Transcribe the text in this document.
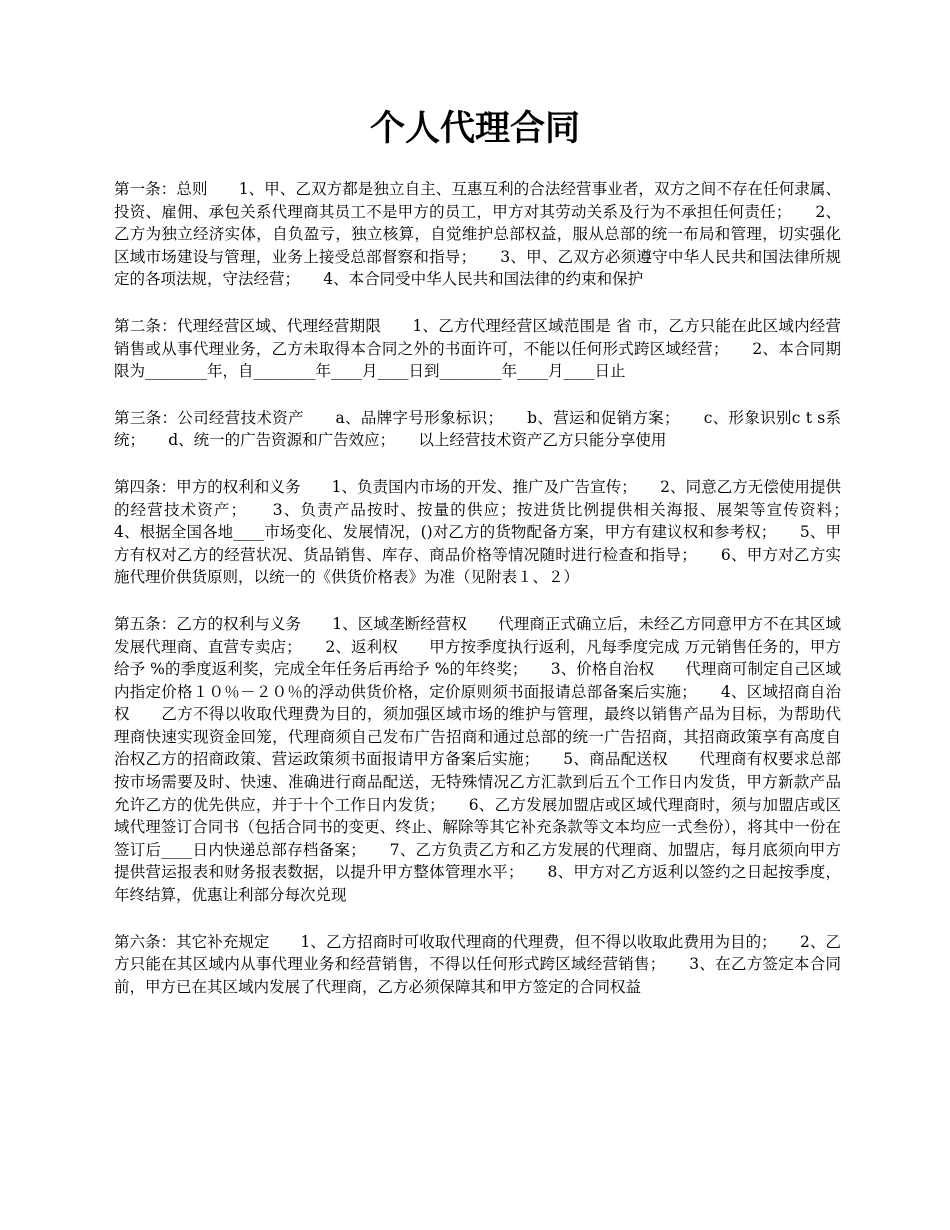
个人代理合同

第一条：总则　　1、甲、乙双方都是独立自主、互惠互利的合法经营事业者，双方之间不存在任何隶属、投资、雇佣、承包关系代理商其员工不是甲方的员工，甲方对其劳动关系及行为不承担任何责任；　　2、乙方为独立经济实体，自负盈亏，独立核算，自觉维护总部权益，服从总部的统一布局和管理，切实强化区域市场建设与管理，业务上接受总部督察和指导；　　3、甲、乙双方必须遵守中华人民共和国法律所规定的各项法规，守法经营；　　4、本合同受中华人民共和国法律的约束和保护

第二条：代理经营区域、代理经营期限　　1、乙方代理经营区域范围是 省 市，乙方只能在此区域内经营销售或从事代理业务，乙方未取得本合同之外的书面许可，不能以任何形式跨区域经营；　　2、本合同期限为________年，自________年____月____日到________年____月____日止

第三条：公司经营技术资产　　a、品牌字号形象标识；　　b、营运和促销方案；　　c、形象识别c t s系统；　　d、统一的广告资源和广告效应；　　以上经营技术资产乙方只能分享使用

第四条：甲方的权利和义务　　1、负责国内市场的开发、推广及广告宣传；　　2、同意乙方无偿使用提供的经营技术资产；　　3、负责产品按时、按量的供应；按进货比例提供相关海报、展架等宣传资料；　　4、根据全国各地____市场变化、发展情况，()对乙方的货物配备方案，甲方有建议权和参考权；　　5、甲方有权对乙方的经营状况、货品销售、库存、商品价格等情况随时进行检查和指导；　　6、甲方对乙方实施代理价供货原则，以统一的《供货价格表》为准（见附表１、２）

第五条：乙方的权利与义务　　1、区域垄断经营权　　代理商正式确立后，未经乙方同意甲方不在其区域发展代理商、直营专卖店；　　2、返利权　　甲方按季度执行返利，凡每季度完成 万元销售任务的，甲方给予 %的季度返利奖，完成全年任务后再给予 %的年终奖；　　3、价格自治权　　代理商可制定自己区域内指定价格１０％－２０％的浮动供货价格，定价原则须书面报请总部备案后实施；　　4、区域招商自治权　　乙方不得以收取代理费为目的，须加强区域市场的维护与管理，最终以销售产品为目标，为帮助代理商快速实现资金回笼，代理商须自己发布广告招商和通过总部的统一广告招商，其招商政策享有高度自治权乙方的招商政策、营运政策须书面报请甲方备案后实施；　　5、商品配送权　　代理商有权要求总部按市场需要及时、快速、准确进行商品配送，无特殊情况乙方汇款到后五个工作日内发货，甲方新款产品允许乙方的优先供应，并于十个工作日内发货；　　6、乙方发展加盟店或区域代理商时，须与加盟店或区域代理签订合同书（包括合同书的变更、终止、解除等其它补充条款等文本均应一式叁份），将其中一份在签订后____日内快递总部存档备案；　　7、乙方负责乙方和乙方发展的代理商、加盟店，每月底须向甲方提供营运报表和财务报表数据，以提升甲方整体管理水平；　　8、甲方对乙方返利以签约之日起按季度，年终结算，优惠让利部分每次兑现

第六条：其它补充规定　　1、乙方招商时可收取代理商的代理费，但不得以收取此费用为目的；　　2、乙方只能在其区域内从事代理业务和经营销售，不得以任何形式跨区域经营销售；　　3、在乙方签定本合同前，甲方已在其区域内发展了代理商，乙方必须保障其和甲方签定的合同权益
